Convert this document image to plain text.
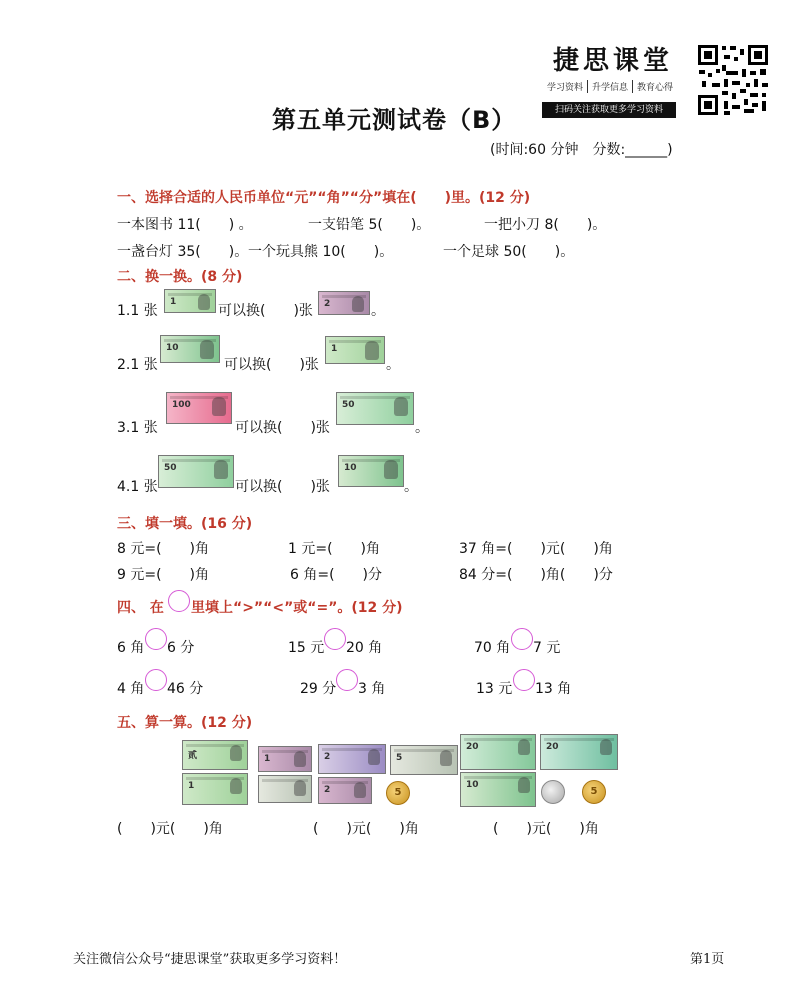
捷思课堂
学习资料 升学信息 教育心得
扫码关注获取更多学习资料
第五单元测试卷（B）
(时间:60 分钟　分数:______)
一、选择合适的人民币单位“元”“角”“分”填在(　　)里。(12 分)
一本图书 11(　　) 。	一支铅笔 5(　　)。	一把小刀 8(　　)。
一盏台灯 35(　　)。 一个玩具熊 10(　　)。	一个足球 50(　　)。
二、换一换。(8 分)
1.1 张
1
可以换(　　)张 2	。
2.1 张
10
可以换(　　)张
1
。
3.1 张
100
可以换(　　)张
50
。
4.1 张
50
可以换(　　)张
10
。
三、填一填。(16 分)
8 元=(　　)角	1 元=(　　)角	37 角=(　　)元(　　)角
9 元=(　　)角	6 角=(　　)分	84 分=(　　)角(　　)分
四、 在 里填上“>”“<”或“=”。(12 分)
6 角 6 分	15 元 20 角	70 角 7 元
4 角 46 分	29 分 3 角	13 元 13 角
五、算一算。(12 分)
贰	1	2	5
20	20
1	2	5
10
5
(　　)元(　　)角	(　　)元(　　)角	(　　)元(　　)角
关注微信公众号“捷思课堂”获取更多学习资料！	第1页
